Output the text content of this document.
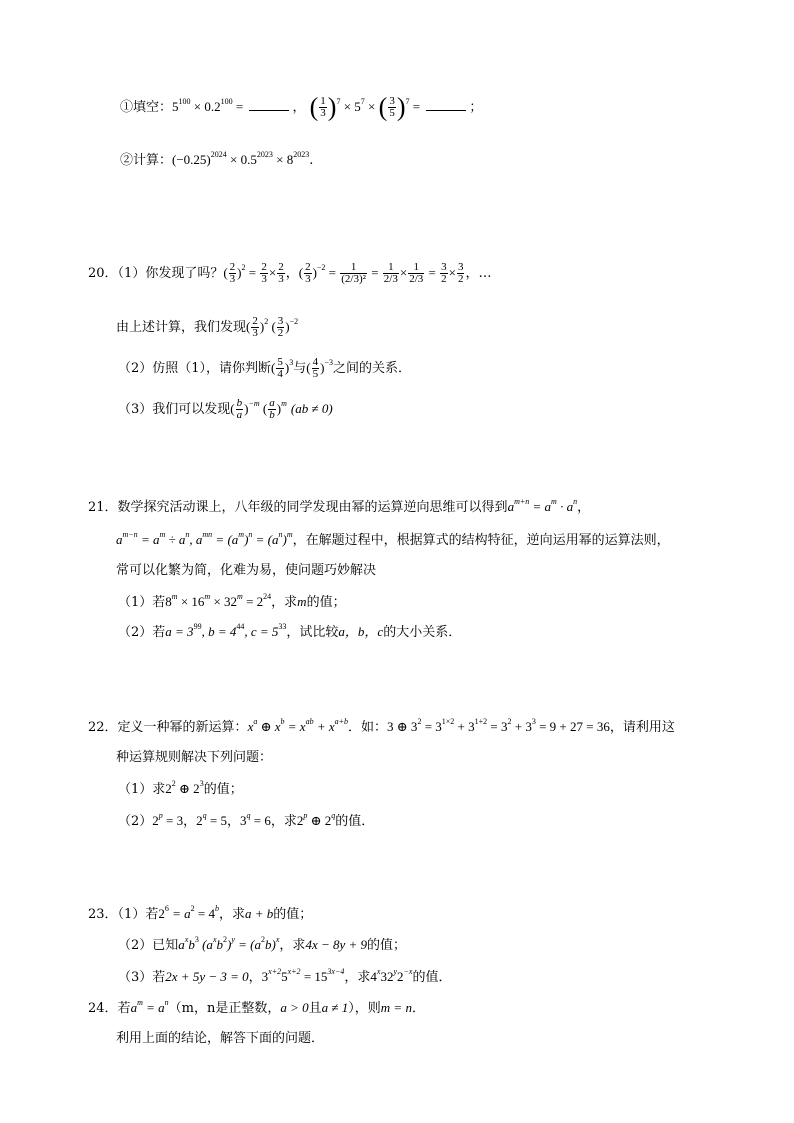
①填空：$5^{100} \times 0.2^{100}$ =	， ( $\frac{1}{3} )^7 \times 5^7$ × ( $\frac{3}{5} )^7$ =	；
②计算：$(-0.25)^{2024} \times 0.5^{2023} \times 8^{2023}$.
20．（1）你发现了吗？( $\frac{2}{3} )^2 = \frac{2}{3} \times \frac{2}{3}$ ，( $\frac{2}{3} )^{-2} = \frac{1}{\text{(2/3)²}} = \frac{1}{2/3} \times \frac{1}{2/3} = \frac{3}{2} \times \frac{3}{2}$ ，…
由上述计算，我们发现( $\frac{2}{3} )^2$ ( $\frac{3}{2} )^{-2}$
（2）仿照（1），请你判断( $\frac{5}{4} )^3$与( $\frac{4}{5} )^{-3}$之间的关系．
（3）我们可以发现( $\frac{b}{a} )^{-m}$ ( $\frac{a}{b} )^m$ (ab ≠ 0)
21．数学探究活动课上，八年级的同学发现由幂的运算逆向思维可以得到$a^{m+n} = a^m \cdot a^n$，
$a^{m-n} = a^m \div a^n$, $a^{mn} = (a^m)^n = (a^n)^m$，在解题过程中，根据算式的结构特征，逆向运用幂的运算法则，
常可以化繁为简，化难为易，使问题巧妙解决
（1）若$8^m \times 16^m \times 32^m = 2^{24}$，求m的值；
（2）若$a = 3^{99}$, $b = 4^{44}$, $c = 5^{33}$，试比较a，b，c的大小关系．
22．定义一种幂的新运算：$x^a$ ⊕ $x^b = x^{ab} + x^{a+b}$．如：3 ⊕ $3^2 = 3^{1\times 2} + 3^{1+2} = 3^2 + 3^3 = 9 + 27 = 36$，请利用这
种运算规则解决下列问题：
（1）求$2^2$ ⊕ $2^3$的值；
$(2)2^p = 3$，$2^q = 5$，$3^q = 6$，求2$^p$ ⊕ 2$^q$的值．
23．（1）若$2^6 = a^2 = 4^b$，求a + b的值；
（2）已知$a^xb^3$ $(a^xb^2)^y = (a^2b)^x$，求4x − 8y + 9的值；
（3）若2x + 5y − 3 = 0，$3^{x+2}5^{x+2} = 15^{3x-4}$，求$4^x32^y2^{-x}$的值．
24．若$a^m = a^n(m$，n是正整数，a > 0且a ≠ 1），则m = n．
利用上面的结论，解答下面的问题．
